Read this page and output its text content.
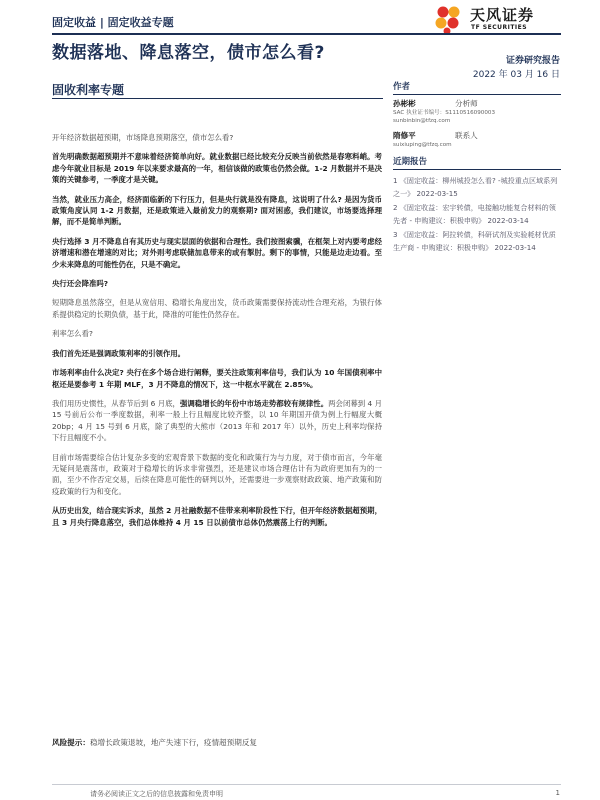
固定收益 | 固定收益专题	天风证券
TF SECURITIES
数据落地、降息落空，债市怎么看?	证券研究报告
2022 年 03 月 16 日
固收利率专题

开年经济数据超预期，市场降息预期落空，债市怎么看?

首先明确数据超预期并不意味着经济简单向好。就业数据已经比较充分反映当前依然是春寒料峭。考虑今年就业目标是 2019 年以来要求最高的一年，相信该做的政策也仍然会做。1-2 月数据并不是决策的关键参考，一季度才是关键。

当然，就业压力高企，经济面临新的下行压力，但是央行就是没有降息，这说明了什么? 是因为货币政策角度认同 1-2 月数据，还是政策进入最前发力的观察期? 面对困惑，我们建议，市场要选择理解，而不是简单判断。

央行选择 3 月不降息自有其历史与现实层面的依据和合理性。我们按图索骥，在框架上对内要考虑经济增速和潜在增速的对比；对外则考虑联储加息带来的或有掣肘。剩下的事情，只能是边走边看。至少未来降息的可能性仍在，只是不确定。

央行还会降准吗?

短期降息虽然落空，但是从宽信用、稳增长角度出发，货币政策需要保持流动性合理充裕，为银行体系提供稳定的长期负债，基于此，降准的可能性仍然存在。

利率怎么看?

我们首先还是强调政策利率的引领作用。

市场利率由什么决定? 央行在多个场合进行阐释，要关注政策利率信号，我们认为 10 年国债利率中枢还是要参考 1 年期 MLF，3 月不降息的情况下，这一中枢水平就在 2.85%。

我们用历史惯性，从春节后到 6 月底，强调稳增长的年份中市场走势都较有规律性。两会闭幕到 4 月 15 号前后公布一季度数据，利率一般上行且幅度比较齐整，以 10 年期国开债为例上行幅度大概 20bp；4 月 15 号到 6 月底，除了典型的大熊市（2013 年和 2017 年）以外，历史上利率均保持下行且幅度不小。

目前市场需要综合估计复杂多变的宏观背景下数据的变化和政策行为与力度，对于债市而言，今年毫无疑问是震荡市，政策对于稳增长的诉求非常强烈，还是建议市场合理估计有为政府更加有为的一面，至少不作否定交易，后续在降息可能性的研判以外，还需要进一步观察财政政策、地产政策和防疫政策的行为和变化。

从历史出发，结合现实诉求，虽然 2 月社融数据不佳带来利率阶段性下行，但开年经济数据超预期，且 3 月央行降息落空，我们总体维持 4 月 15 日以前债市总体仍然震荡上行的判断。

风险提示：稳增长政策退坡，地产失速下行，疫情超预期反复
作者
孙彬彬	分析师
SAC 执业证书编号：S1110516090003
sunbinbin@tfzq.com
隋修平	联系人
suixiuping@tfzq.com
近期报告
1 《固定收益：柳州城投怎么看? -城投重点区域系列之一》 2022-03-15
2 《固定收益：宏宇转债，电接触功能复合材料的领先者 - 申购建议：积极申购》 2022-03-14
3 《固定收益：阿拉转债，科研试剂及实验耗材优质生产商 - 申购建议：积极申购》 2022-03-14
请务必阅读正文之后的信息披露和免责申明	1
